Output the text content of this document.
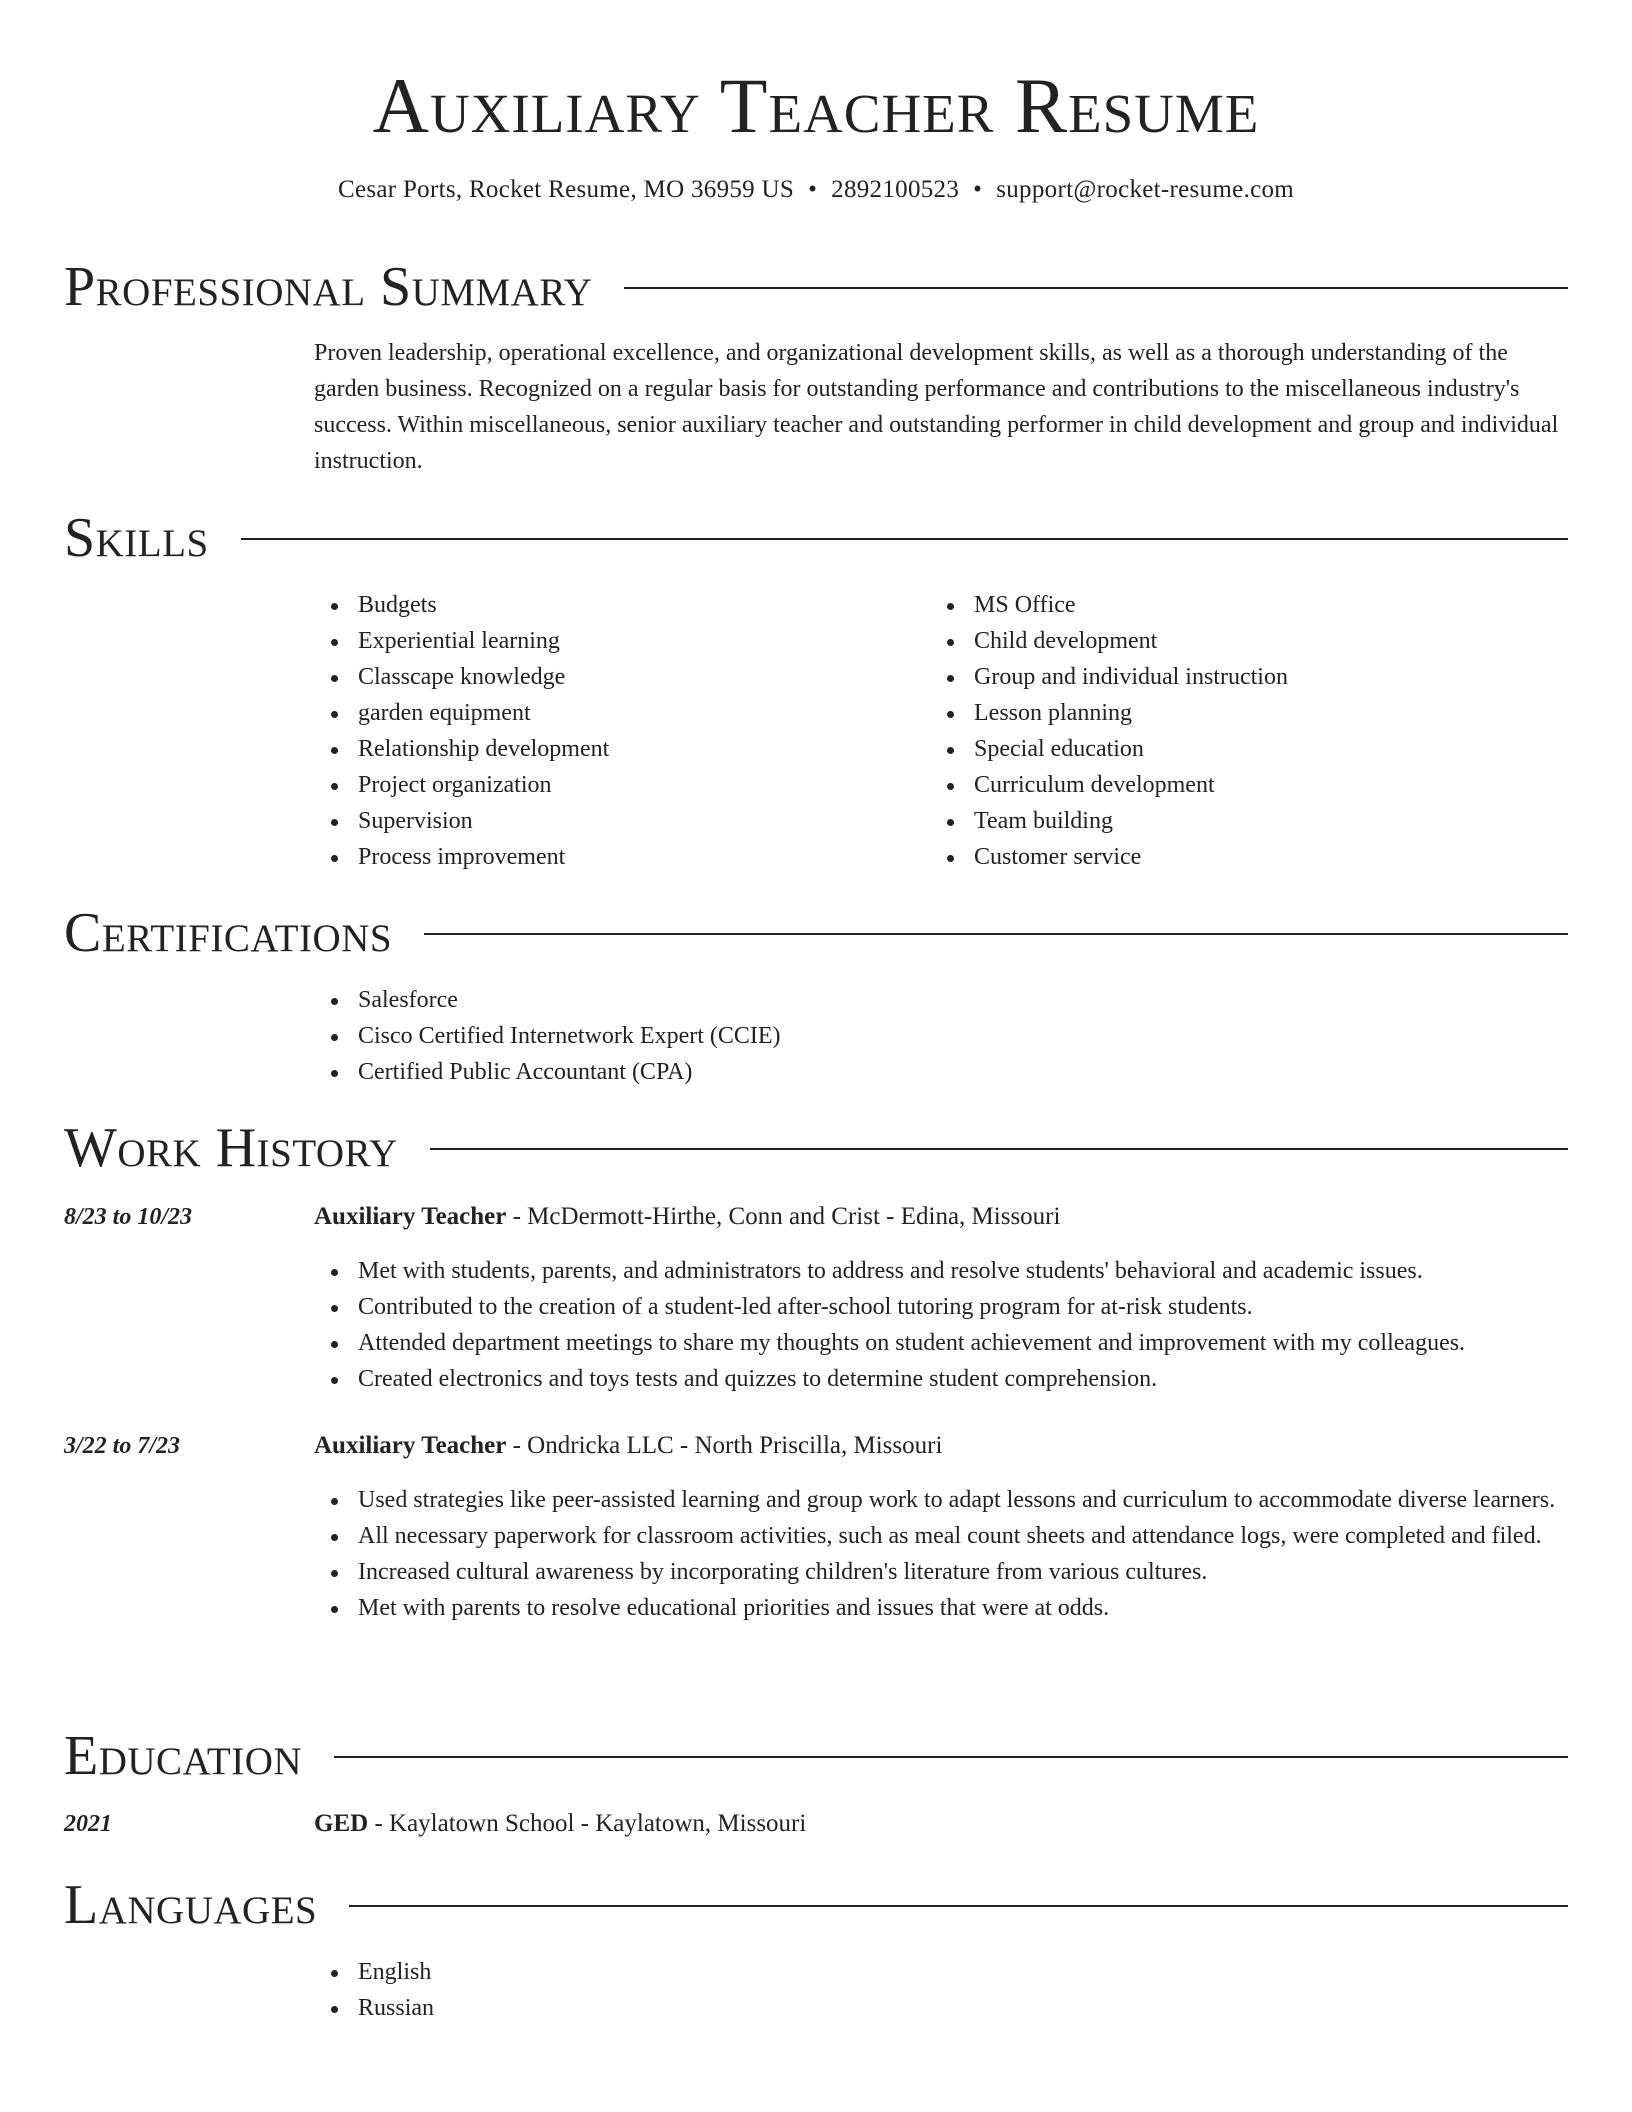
Auxiliary Teacher Resume
Cesar Ports, Rocket Resume, MO 36959 US • 2892100523 • support@rocket-resume.com
Professional Summary

Proven leadership, operational excellence, and organizational development skills, as well as a thorough understanding of the garden business. Recognized on a regular basis for outstanding performance and contributions to the miscellaneous industry's success. Within miscellaneous, senior auxiliary teacher and outstanding performer in child development and group and individual instruction.

Skills
Budgets
Experiential learning
Classcape knowledge
garden equipment
Relationship development
Project organization
Supervision
Process improvement
MS Office
Child development
Group and individual instruction
Lesson planning
Special education
Curriculum development
Team building
Customer service
Certifications
Salesforce
Cisco Certified Internetwork Expert (CCIE)
Certified Public Accountant (CPA)
Work History
8/23 to 10/23	Auxiliary Teacher - McDermott-Hirthe, Conn and Crist - Edina, Missouri
Met with students, parents, and administrators to address and resolve students' behavioral and academic issues.
Contributed to the creation of a student-led after-school tutoring program for at-risk students.
Attended department meetings to share my thoughts on student achievement and improvement with my colleagues.
Created electronics and toys tests and quizzes to determine student comprehension.
3/22 to 7/23	Auxiliary Teacher - Ondricka LLC - North Priscilla, Missouri
Used strategies like peer-assisted learning and group work to adapt lessons and curriculum to accommodate diverse learners.
All necessary paperwork for classroom activities, such as meal count sheets and attendance logs, were completed and filed.
Increased cultural awareness by incorporating children's literature from various cultures.
Met with parents to resolve educational priorities and issues that were at odds.
Education
2021	GED - Kaylatown School - Kaylatown, Missouri
Languages
English
Russian
